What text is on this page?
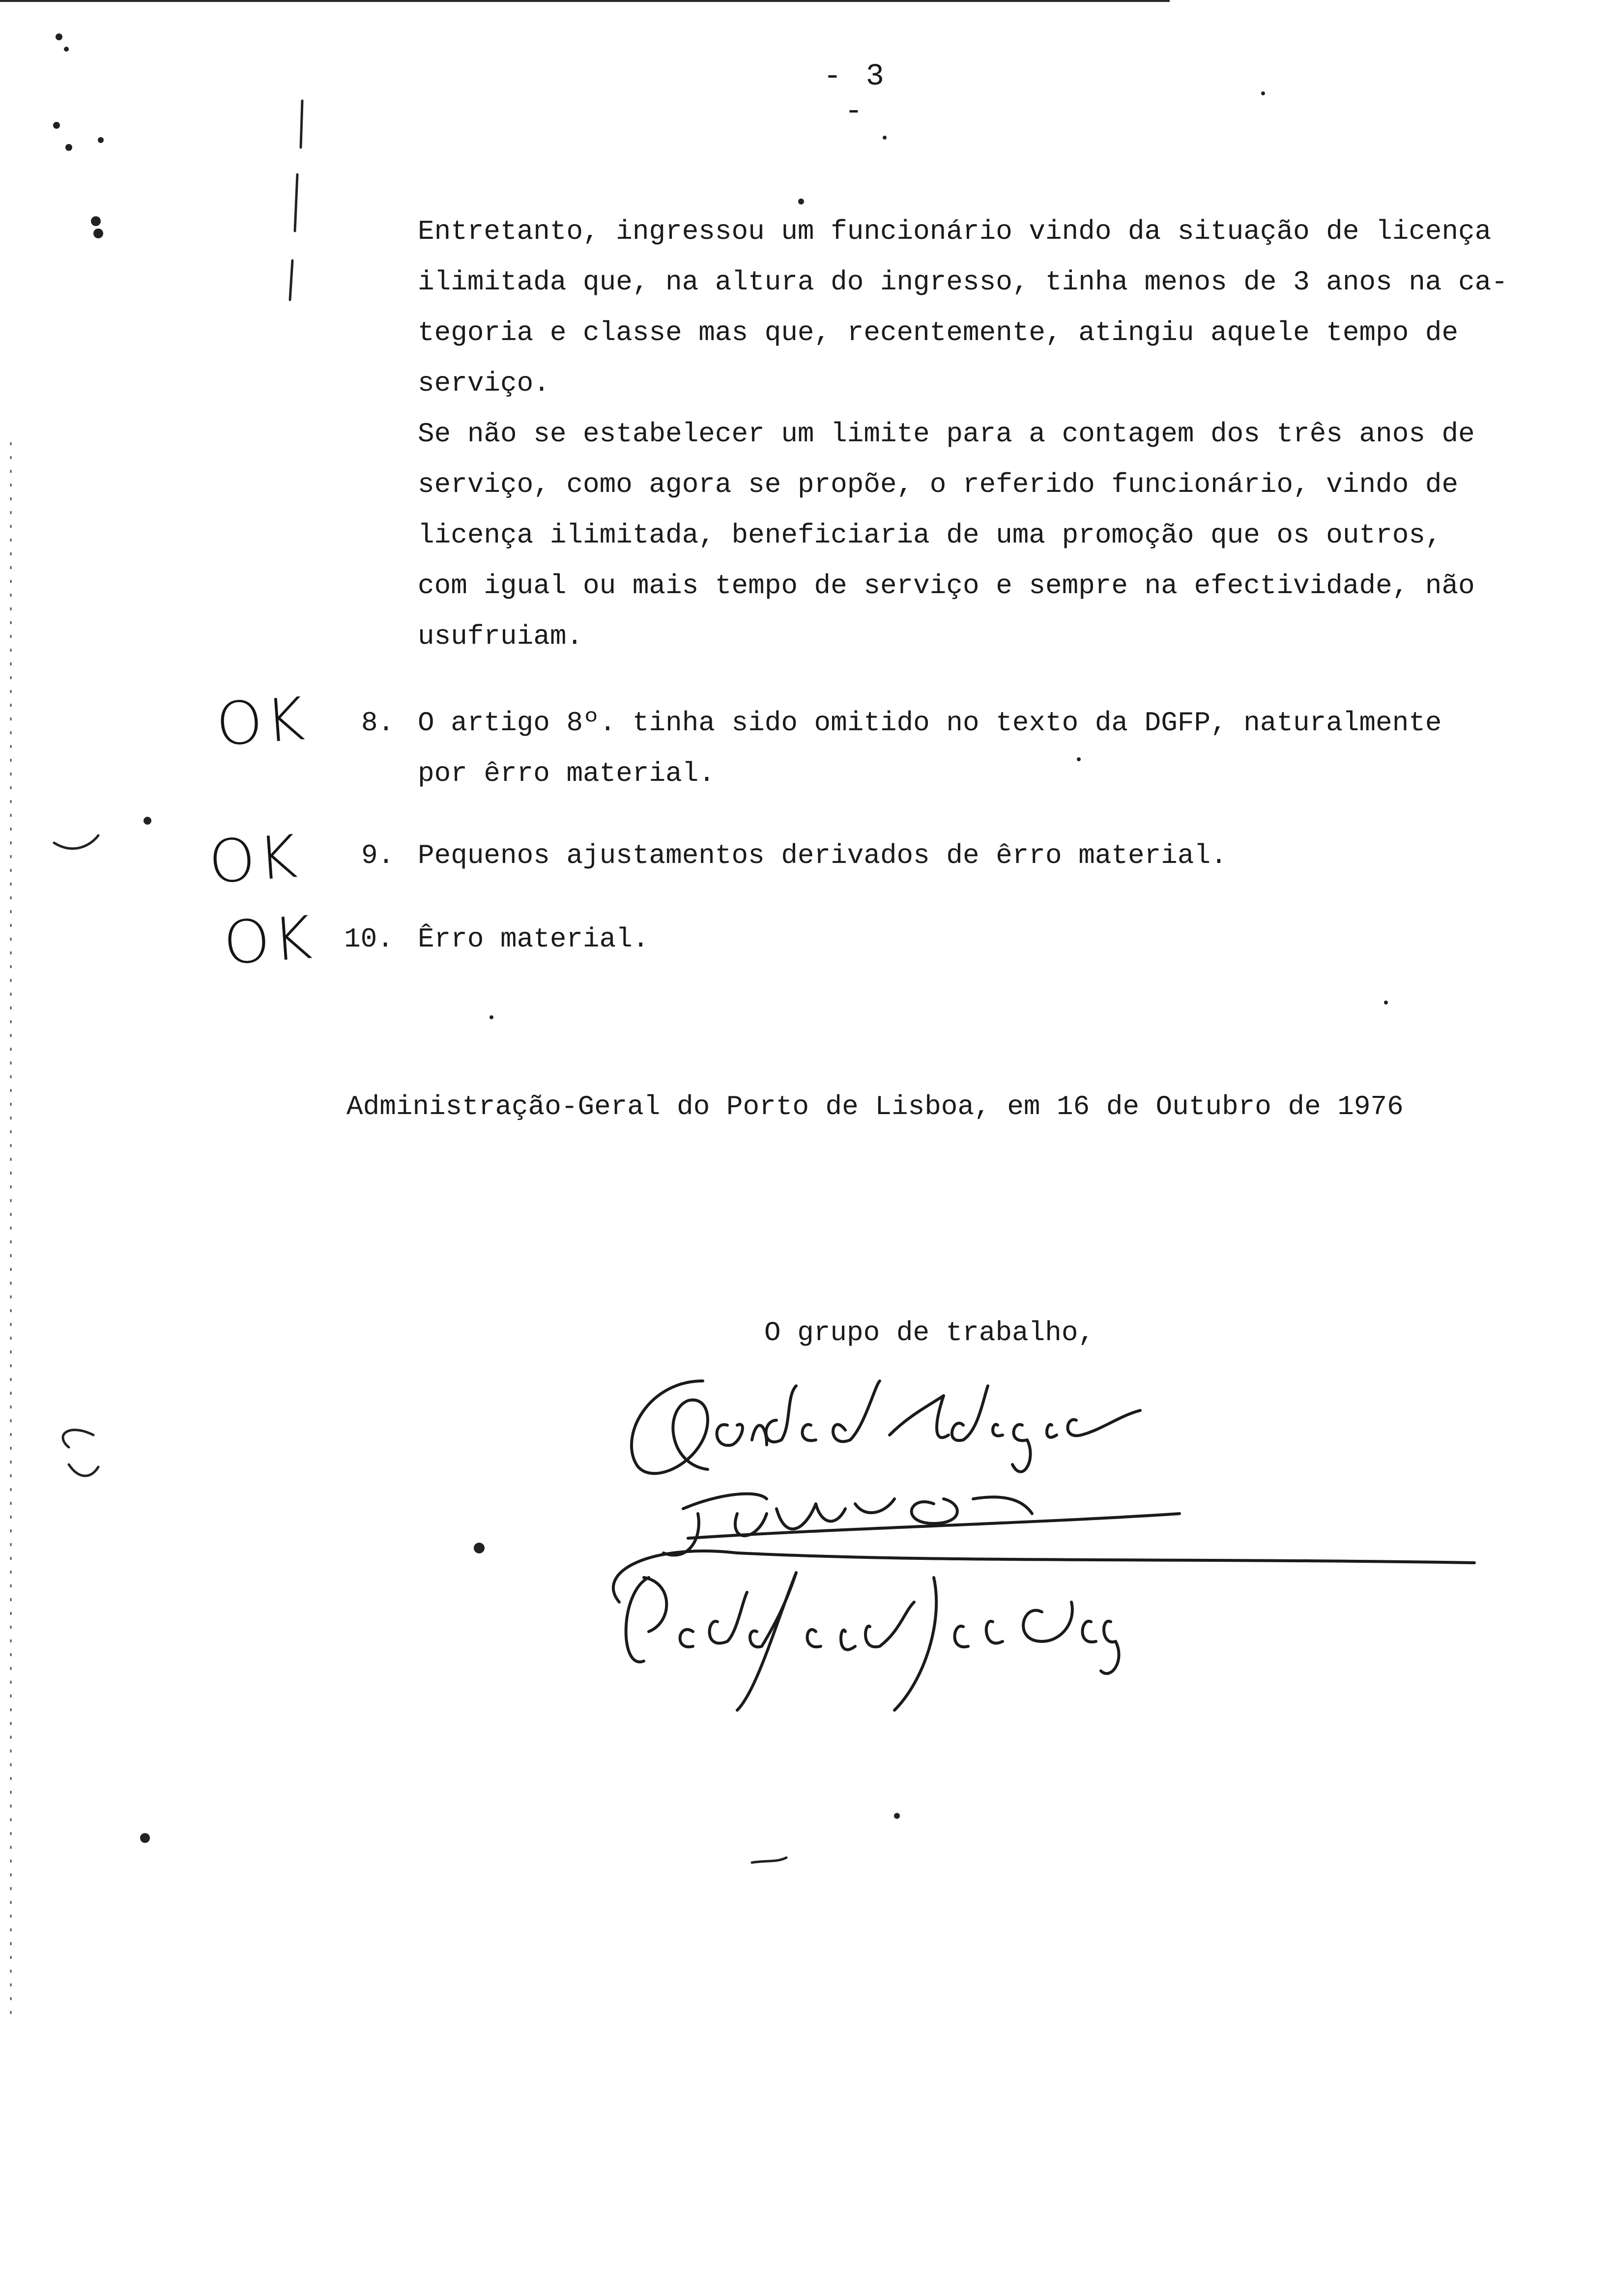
- 3 -

Entretanto, ingressou um funcionário vindo da situação de licença

ilimitada que, na altura do ingresso, tinha menos de 3 anos na ca-

tegoria e classe mas que, recentemente, atingiu aquele tempo de

serviço.

Se não se estabelecer um limite para a contagem dos três anos de

serviço, como agora se propõe, o referido funcionário, vindo de

licença ilimitada, beneficiaria de uma promoção que os outros,

com igual ou mais tempo de serviço e sempre na efectividade, não

usufruiam.

8. O artigo 8º. tinha sido omitido no texto da DGFP, naturalmente
por êrro material.
OK
9. Pequenos ajustamentos derivados de êrro material.
OK
10. Êrro material.
OK
Administração-Geral do Porto de Lisboa, em 16 de Outubro de 1976
O grupo de trabalho,
